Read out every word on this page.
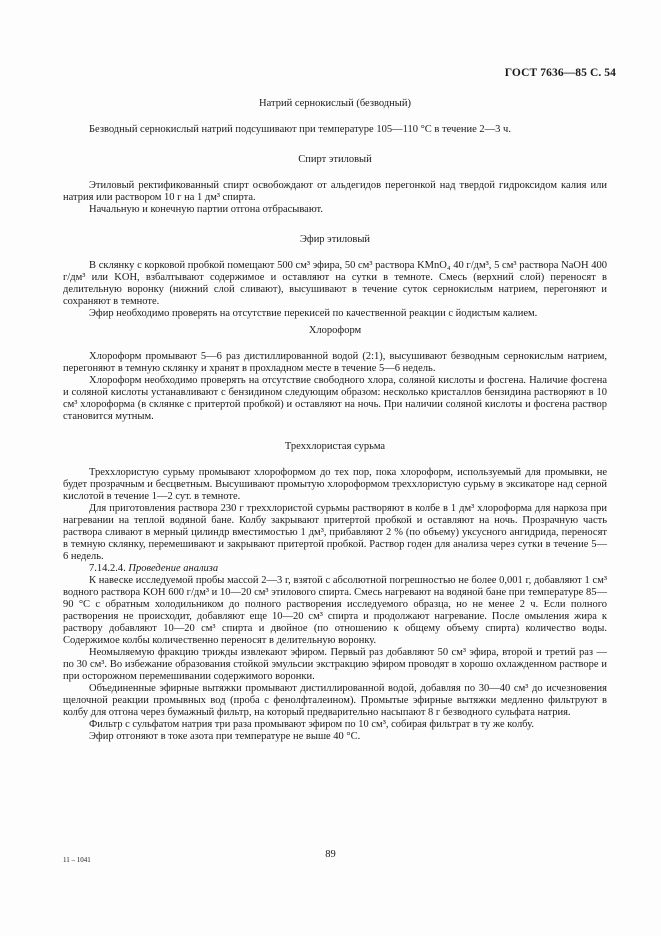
ГОСТ 7636—85 С. 54
Натрий сернокислый (безводный)

Безводный сернокислый натрий подсушивают при температуре 105—110 °С в течение 2—3 ч.

Спирт этиловый

Этиловый ректификованный спирт освобождают от альдегидов перегонкой над твердой гидроксидом калия или натрия или раствором 10 г на 1 дм³ спирта.

Начальную и конечную партии отгона отбрасывают.

Эфир этиловый

В склянку с корковой пробкой помещают 500 см³ эфира, 50 см³ раствора KMnO₄ 40 г/дм³, 5 см³ раствора NaOH 400 г/дм³ или KOH, взбалтывают содержимое и оставляют на сутки в темноте. Смесь (верхний слой) переносят в делительную воронку (нижний слой сливают), высушивают в течение суток сернокислым натрием, перегоняют и сохраняют в темноте.

Эфир необходимо проверять на отсутствие перекисей по качественной реакции с йодистым калием.

Хлороформ

Хлороформ промывают 5—6 раз дистиллированной водой (2:1), высушивают безводным сернокислым натрием, перегоняют в темную склянку и хранят в прохладном месте в течение 5—6 недель.

Хлороформ необходимо проверять на отсутствие свободного хлора, соляной кислоты и фосгена. Наличие фосгена и соляной кислоты устанавливают с бензидином следующим образом: несколько кристаллов бензидина растворяют в 10 см³ хлороформа (в склянке с притертой пробкой) и оставляют на ночь. При наличии соляной кислоты и фосгена раствор становится мутным.

Треххлористая сурьма

Треххлористую сурьму промывают хлороформом до тех пор, пока хлороформ, используемый для промывки, не будет прозрачным и бесцветным. Высушивают промытую хлороформом треххлористую сурьму в эксикаторе над серной кислотой в течение 1—2 сут. в темноте.

Для приготовления раствора 230 г треххлористой сурьмы растворяют в колбе в 1 дм³ хлороформа для наркоза при нагревании на теплой водяной бане. Колбу закрывают притертой пробкой и оставляют на ночь. Прозрачную часть раствора сливают в мерный цилиндр вместимостью 1 дм³, прибавляют 2 % (по объему) уксусного ангидрида, переносят в темную склянку, перемешивают и закрывают притертой пробкой. Раствор годен для анализа через сутки в течение 5—6 недель.

7.14.2.4. Проведение анализа

К навеске исследуемой пробы массой 2—3 г, взятой с абсолютной погрешностью не более 0,001 г, добавляют 1 см³ водного раствора KOH 600 г/дм³ и 10—20 см³ этилового спирта. Смесь нагревают на водяной бане при температуре 85—90 °С с обратным холодильником до полного растворения исследуемого образца, но не менее 2 ч. Если полного растворения не происходит, добавляют еще 10—20 см³ спирта и продолжают нагревание. После омыления жира к раствору добавляют 10—20 см³ спирта и двойное (по отношению к общему объему спирта) количество воды. Содержимое колбы количественно переносят в делительную воронку.

Неомыляемую фракцию трижды извлекают эфиром. Первый раз добавляют 50 см³ эфира, второй и третий раз — по 30 см³. Во избежание образования стойкой эмульсии экстракцию эфиром проводят в хорошо охлажденном растворе и при осторожном перемешивании содержимого воронки.

Объединенные эфирные вытяжки промывают дистиллированной водой, добавляя по 30—40 см³ до исчезновения щелочной реакции промывных вод (проба с фенолфталеином). Промытые эфирные вытяжки медленно фильтруют в колбу для отгона через бумажный фильтр, на который предварительно насыпают 8 г безводного сульфата натрия.

Фильтр с сульфатом натрия три раза промывают эфиром по 10 см³, собирая фильтрат в ту же колбу.

Эфир отгоняют в токе азота при температуре не выше 40 °С.

11 – 1041	89
